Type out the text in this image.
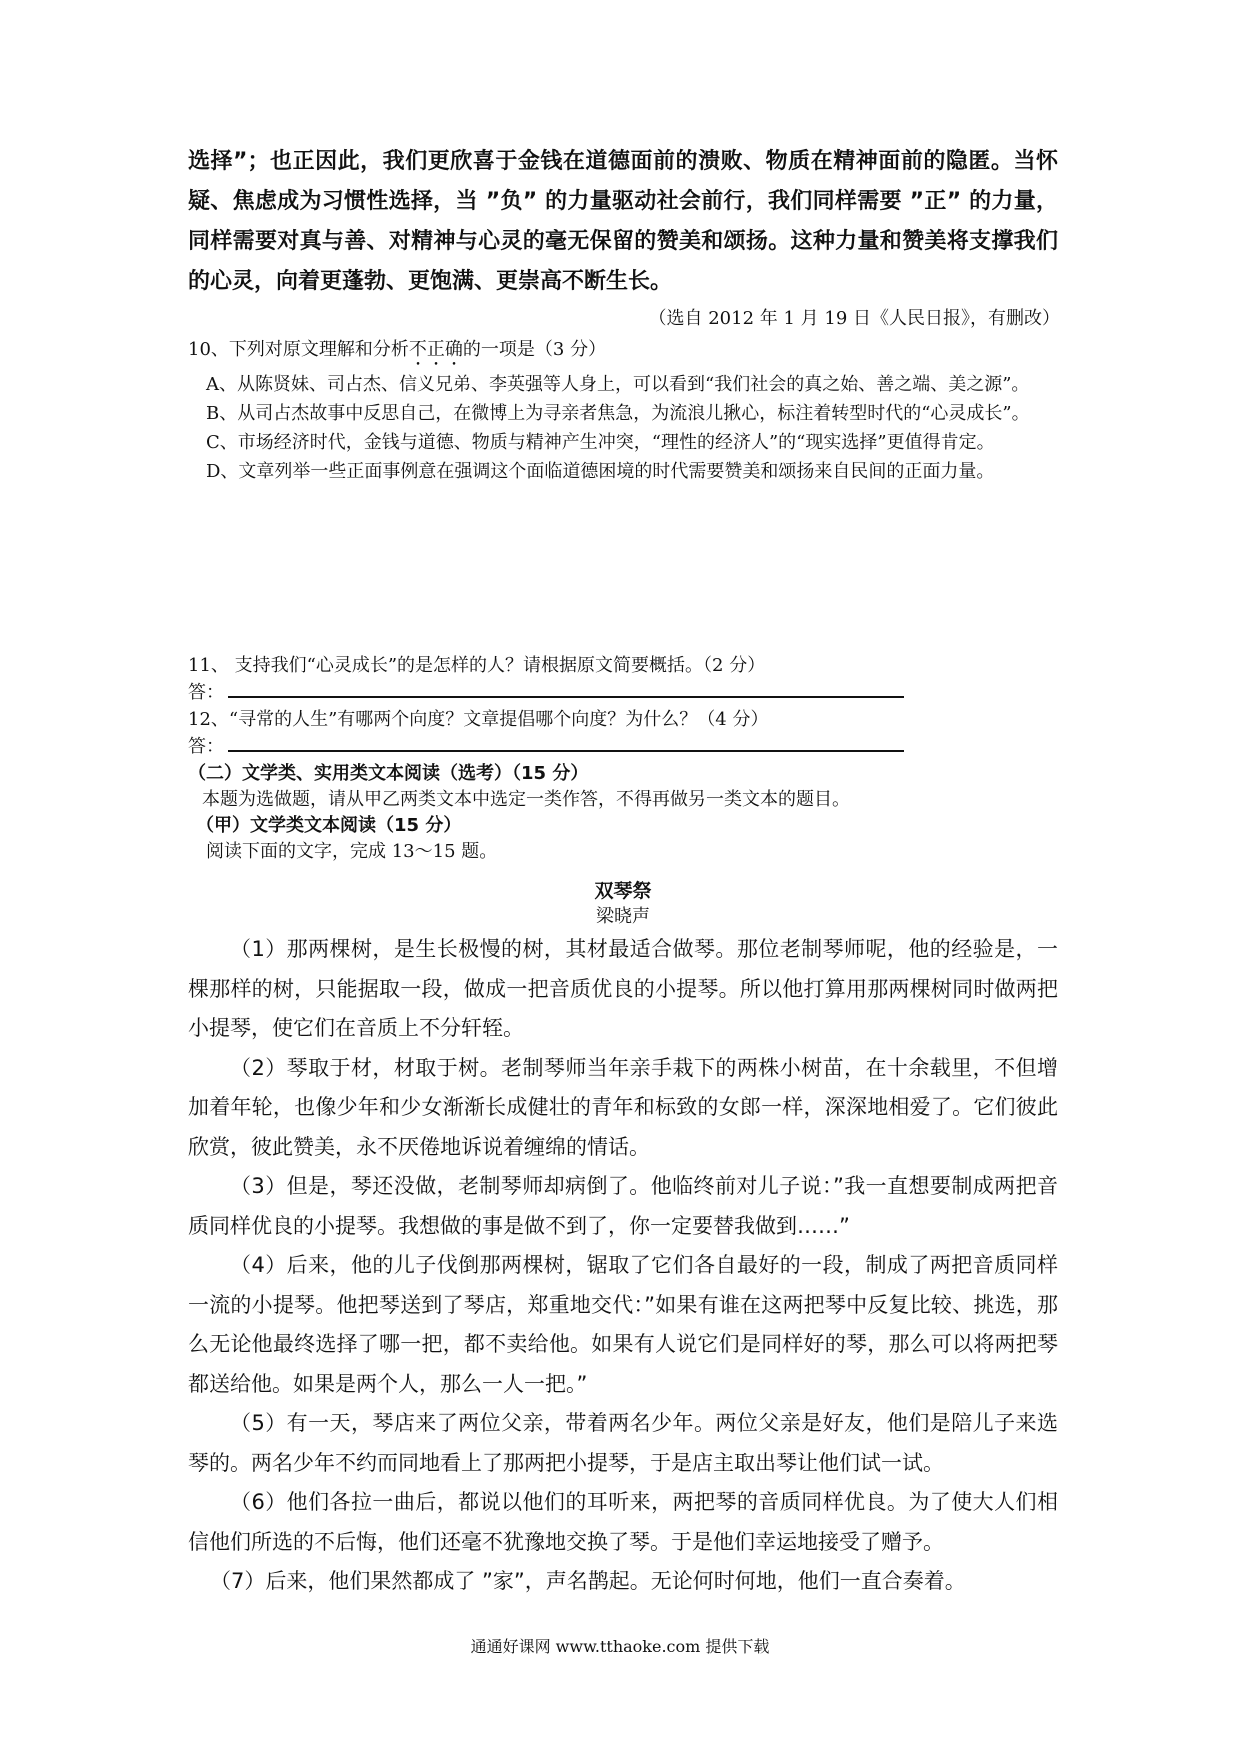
选择”；也正因此，我们更欣喜于金钱在道德面前的溃败、物质在精神面前的隐匿。当怀疑、焦虑成为习惯性选择，当 ”负” 的力量驱动社会前行，我们同样需要 ”正” 的力量，同样需要对真与善、对精神与心灵的毫无保留的赞美和颂扬。这种力量和赞美将支撑我们的心灵，向着更蓬勃、更饱满、更崇高不断生长。

（选自 2012 年 1 月 19 日《人民日报》，有删改）

10、下列对原文理解和分析不正确的一项是（3 分）

A、从陈贤妹、司占杰、信义兄弟、李英强等人身上，可以看到“我们社会的真之始、善之端、美之源”。

B、从司占杰故事中反思自己，在微博上为寻亲者焦急，为流浪儿揪心，标注着转型时代的“心灵成长”。

C、市场经济时代，金钱与道德、物质与精神产生冲突，“理性的经济人”的“现实选择”更值得肯定。

D、文章列举一些正面事例意在强调这个面临道德困境的时代需要赞美和颂扬来自民间的正面力量。

11、 支持我们“心灵成长”的是怎样的人？请根据原文简要概括。（2 分）

答：

12、“寻常的人生”有哪两个向度？文章提倡哪个向度？为什么？（4 分）

答：

（二）文学类、实用类文本阅读（选考）（15 分）

本题为选做题，请从甲乙两类文本中选定一类作答，不得再做另一类文本的题目。

（甲）文学类文本阅读（15 分）

阅读下面的文字，完成 13～15 题。

双琴祭

梁晓声

（1）那两棵树，是生长极慢的树，其材最适合做琴。那位老制琴师呢，他的经验是，一棵那样的树，只能据取一段，做成一把音质优良的小提琴。所以他打算用那两棵树同时做两把小提琴，使它们在音质上不分轩轾。

（2）琴取于材，材取于树。老制琴师当年亲手栽下的两株小树苗，在十余载里，不但增加着年轮，也像少年和少女渐渐长成健壮的青年和标致的女郎一样，深深地相爱了。它们彼此欣赏，彼此赞美，永不厌倦地诉说着缠绵的情话。

（3）但是，琴还没做，老制琴师却病倒了。他临终前对儿子说：”我一直想要制成两把音质同样优良的小提琴。我想做的事是做不到了，你一定要替我做到……”

（4）后来，他的儿子伐倒那两棵树，锯取了它们各自最好的一段，制成了两把音质同样一流的小提琴。他把琴送到了琴店，郑重地交代：”如果有谁在这两把琴中反复比较、挑选，那么无论他最终选择了哪一把，都不卖给他。如果有人说它们是同样好的琴，那么可以将两把琴都送给他。如果是两个人，那么一人一把。”

（5）有一天，琴店来了两位父亲，带着两名少年。两位父亲是好友，他们是陪儿子来选琴的。两名少年不约而同地看上了那两把小提琴，于是店主取出琴让他们试一试。

（6）他们各拉一曲后，都说以他们的耳听来，两把琴的音质同样优良。为了使大人们相信他们所选的不后悔，他们还毫不犹豫地交换了琴。于是他们幸运地接受了赠予。

（7）后来，他们果然都成了 ”家”，声名鹊起。无论何时何地，他们一直合奏着。

通通好课网 www.tthaoke.com 提供下载
